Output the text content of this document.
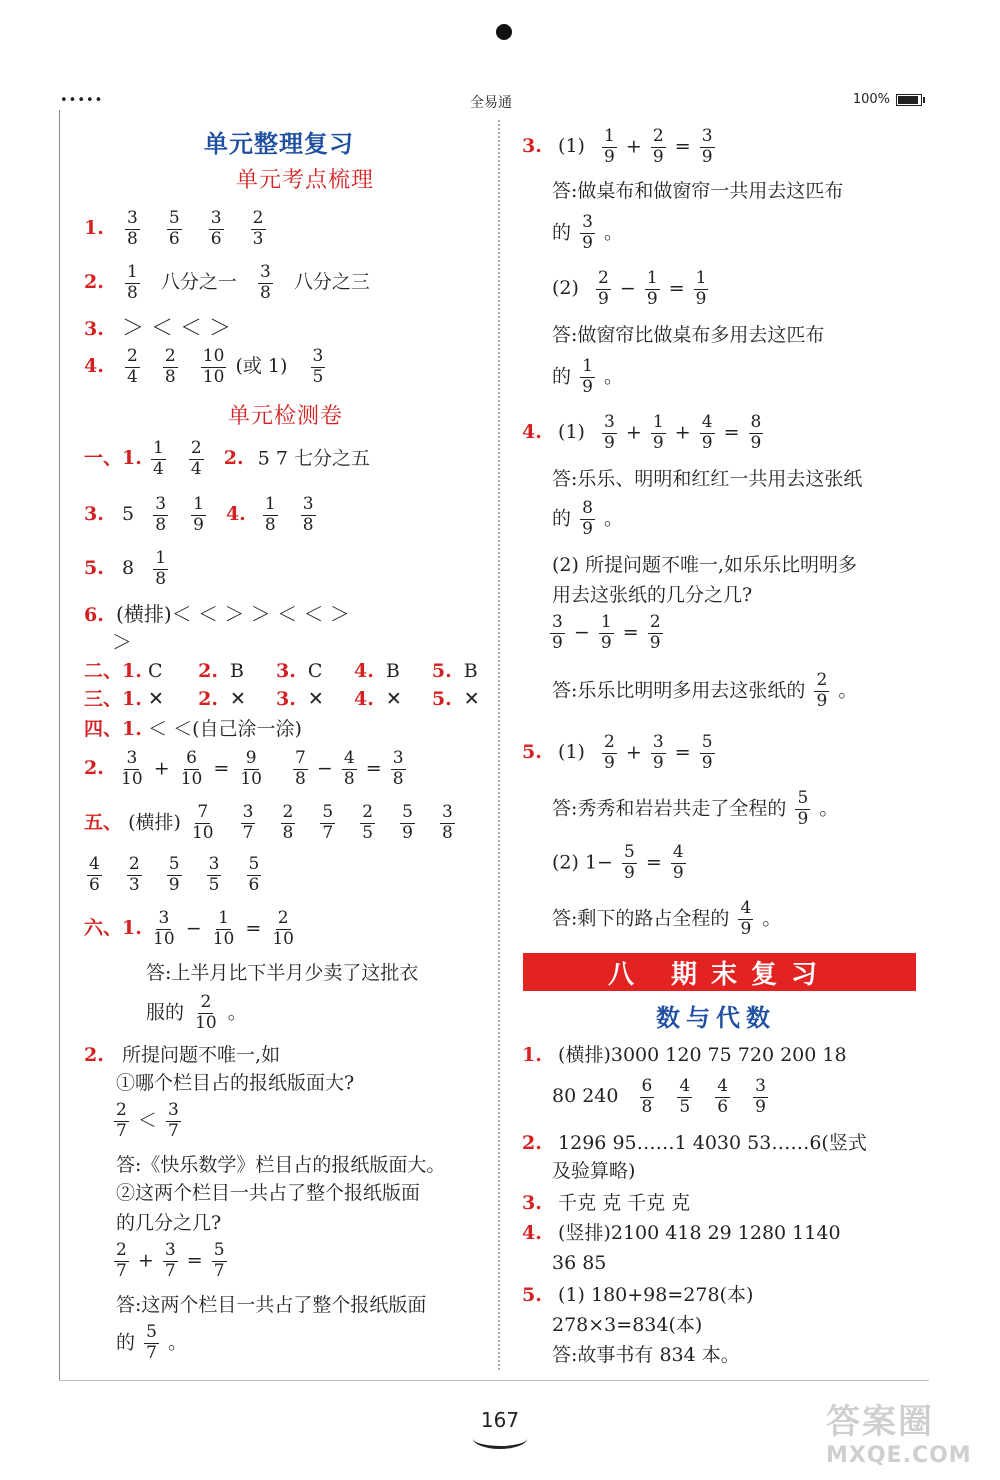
•••••	全易通	100%
单元整理复习
单元考点梳理
1. $\frac{3}{8}$
$\frac{5}{6}$
$\frac{3}{6}$
$\frac{2}{3}$
2. $\frac{1}{8}$ 八分之一 $\frac{3}{8}$ 八分之三
3. ＞ ＜ ＜ ＞
4. $\frac{2}{4}$
$\frac{2}{8}$
$\frac{10}{10}$ (或 $1) \frac{3}{5}$
单元检测卷
一、1. $\frac{1}{4}$
$\frac{2}{4} 2$. 5 7 七分之五
3. $5 \frac{3}{8}$
$\frac{1}{9} 4$. $\frac{1}{8}$
$\frac{3}{8}$
5. $8 \frac{1}{8}$
6. (横排)＜ ＜ ＞ ＞ ＜ ＜ ＞
＞
二、1. C 2. B 3. C 4. B 5. B
三、1. ✕ 2. ✕ 3. ✕ 4. ✕ 5. ✕
四、1. ＜ ＜(自己涂一涂)
2. $\frac{3}{10} + \frac{6}{10} = \frac{9}{10}$
$\frac{7}{8} - \frac{4}{8} = \frac{3}{8}$
五、 (横排) $\frac{7}{10}$
$\frac{3}{7}$
$\frac{2}{8}$
$\frac{5}{7}$
$\frac{2}{5}$
$\frac{5}{9}$
$\frac{3}{8}$
$\frac{4}{6}$
$\frac{2}{3}$
$\frac{5}{9}$
$\frac{3}{5}$
$\frac{5}{6}$
六、1. $\frac{3}{10} - \frac{1}{10} = \frac{2}{10}$
答:上半月比下半月少卖了这批衣
服的 $\frac{2}{10}$ 。
2. 所提问题不唯一,如
①哪个栏目占的报纸版面大?
$\frac{2}{7} < \frac{3}{7}$
答:《快乐数学》栏目占的报纸版面大。
②这两个栏目一共占了整个报纸版面
的几分之几?
$\frac{2}{7} + \frac{3}{7} = \frac{5}{7}$
答:这两个栏目一共占了整个报纸版面
的 $\frac{5}{7}$ 。
3. $(1) \frac{1}{9} + \frac{2}{9} = \frac{3}{9}$
答:做桌布和做窗帘一共用去这匹布
的 $\frac{3}{9}$ 。
$(2) \frac{2}{9} - \frac{1}{9} = \frac{1}{9}$
答:做窗帘比做桌布多用去这匹布
的 $\frac{1}{9}$ 。
4. $(1) \frac{3}{9} + \frac{1}{9} + \frac{4}{9} = \frac{8}{9}$
答:乐乐、明明和红红一共用去这张纸
的 $\frac{8}{9}$ 。
(2) 所提问题不唯一,如乐乐比明明多
用去这张纸的几分之几?
$\frac{3}{9} - \frac{1}{9} = \frac{2}{9}$
答:乐乐比明明多用去这张纸的 $\frac{2}{9}$ 。
5. $(1) \frac{2}{9} + \frac{3}{9} = \frac{5}{9}$
答:秀秀和岩岩共走了全程的 $\frac{5}{9}$ 。
(2) $1- \frac{5}{9} = \frac{4}{9}$
答:剩下的路占全程的 $\frac{4}{9}$ 。
八 期末复习
数与代数
1. (横排)3000 120 75 720 200 18
80 $240 \frac{6}{8}$
$\frac{4}{5}$
$\frac{4}{6}$
$\frac{3}{9}$
2. 1296 95……1 4030 53……6(竖式
及验算略)
3. 千克 克 千克 克
4. (竖排)2100 418 29 1280 1140
36 85
5. (1) 180+98=278(本)
278×3=834(本)
答:故事书有 834 本。
167	答案圈
MXQE.COM
